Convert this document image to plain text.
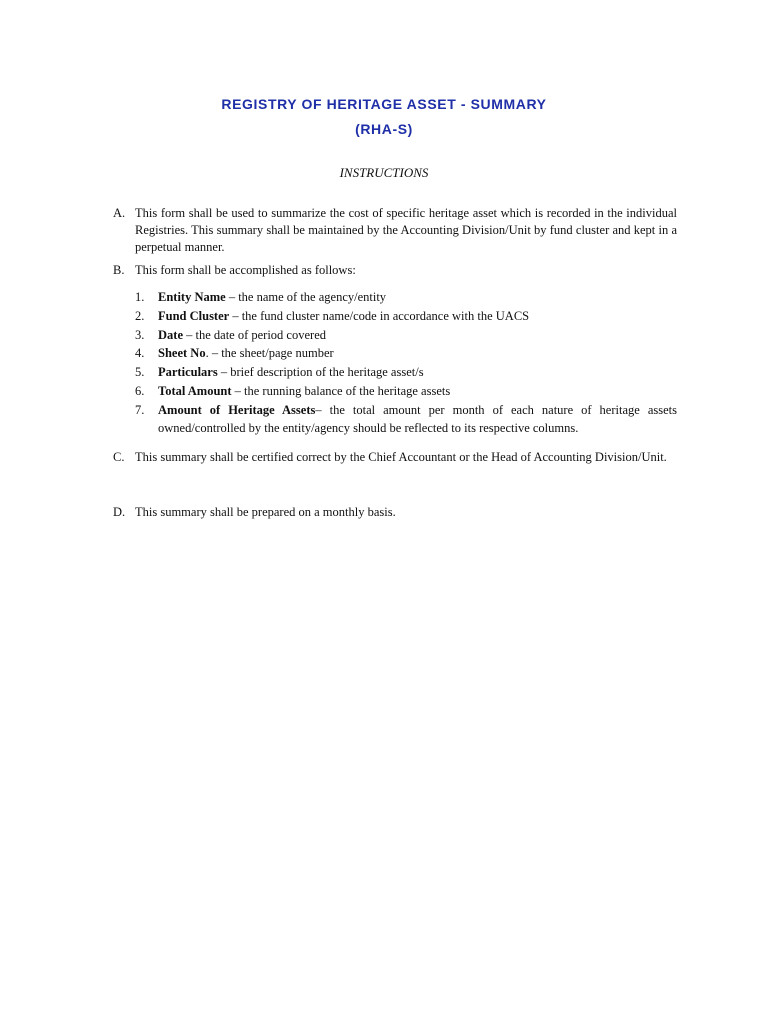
REGISTRY OF HERITAGE ASSET - SUMMARY
(RHA-S)
INSTRUCTIONS
A. This form shall be used to summarize the cost of specific heritage asset which is recorded in the individual Registries. This summary shall be maintained by the Accounting Division/Unit by fund cluster and kept in a perpetual manner.
B. This form shall be accomplished as follows:
1. Entity Name – the name of the agency/entity
2. Fund Cluster – the fund cluster name/code in accordance with the UACS
3. Date – the date of period covered
4. Sheet No. – the sheet/page number
5. Particulars – brief description of the heritage asset/s
6. Total Amount – the running balance of the heritage assets
7. Amount of Heritage Assets– the total amount per month of each nature of heritage assets owned/controlled by the entity/agency should be reflected to its respective columns.
C. This summary shall be certified correct by the Chief Accountant or the Head of Accounting Division/Unit.
D. This summary shall be prepared on a monthly basis.
